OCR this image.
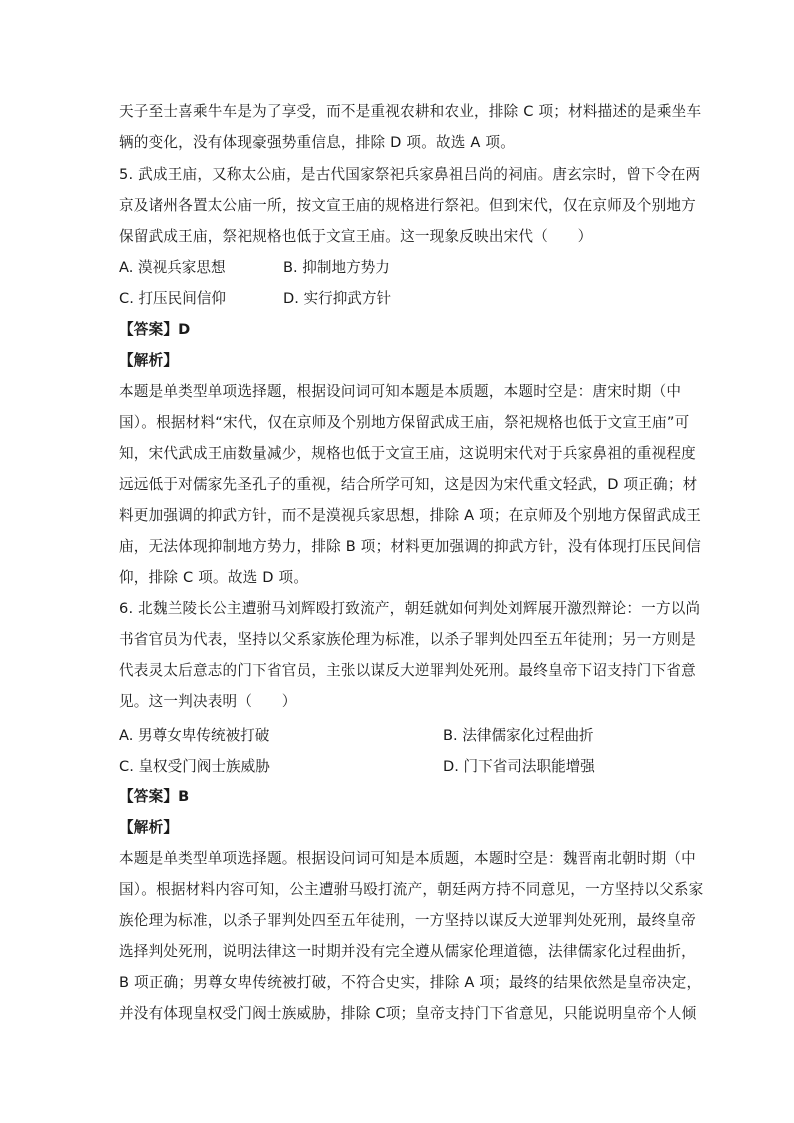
天子至士喜乘牛车是为了享受，而不是重视农耕和农业，排除 C 项；材料描述的是乘坐车
辆的变化，没有体现豪强势重信息，排除 D 项。故选 A 项。
5. 武成王庙，又称太公庙，是古代国家祭祀兵家鼻祖吕尚的祠庙。唐玄宗时，曾下令在两
京及诸州各置太公庙一所，按文宣王庙的规格进行祭祀。但到宋代，仅在京师及个别地方
保留武成王庙，祭祀规格也低于文宣王庙。这一现象反映出宋代（　　）
A. 漠视兵家思想	B. 抑制地方势力
C. 打压民间信仰	D. 实行抑武方针
【答案】D
【解析】
本题是单类型单项选择题，根据设问词可知本题是本质题，本题时空是：唐宋时期（中
国）。根据材料“宋代，仅在京师及个别地方保留武成王庙，祭祀规格也低于文宣王庙”可
知，宋代武成王庙数量减少，规格也低于文宣王庙，这说明宋代对于兵家鼻祖的重视程度
远远低于对儒家先圣孔子的重视，结合所学可知，这是因为宋代重文轻武，D 项正确；材
料更加强调的抑武方针，而不是漠视兵家思想，排除 A 项；在京师及个别地方保留武成王
庙，无法体现抑制地方势力，排除 B 项；材料更加强调的抑武方针，没有体现打压民间信
仰，排除 C 项。故选 D 项。
6. 北魏兰陵长公主遭驸马刘辉殴打致流产，朝廷就如何判处刘辉展开激烈辩论：一方以尚
书省官员为代表，坚持以父系家族伦理为标准，以杀子罪判处四至五年徒刑；另一方则是
代表灵太后意志的门下省官员，主张以谋反大逆罪判处死刑。最终皇帝下诏支持门下省意
见。这一判决表明（　　）
A. 男尊女卑传统被打破	B. 法律儒家化过程曲折
C. 皇权受门阀士族威胁	D. 门下省司法职能增强
【答案】B
【解析】
本题是单类型单项选择题。根据设问词可知是本质题，本题时空是：魏晋南北朝时期（中
国）。根据材料内容可知，公主遭驸马殴打流产，朝廷两方持不同意见，一方坚持以父系家
族伦理为标准，以杀子罪判处四至五年徒刑，一方坚持以谋反大逆罪判处死刑，最终皇帝
选择判处死刑，说明法律这一时期并没有完全遵从儒家伦理道德，法律儒家化过程曲折，
B 项正确；男尊女卑传统被打破，不符合史实，排除 A 项；最终的结果依然是皇帝决定，
并没有体现皇权受门阀士族威胁，排除 C项；皇帝支持门下省意见，只能说明皇帝个人倾
